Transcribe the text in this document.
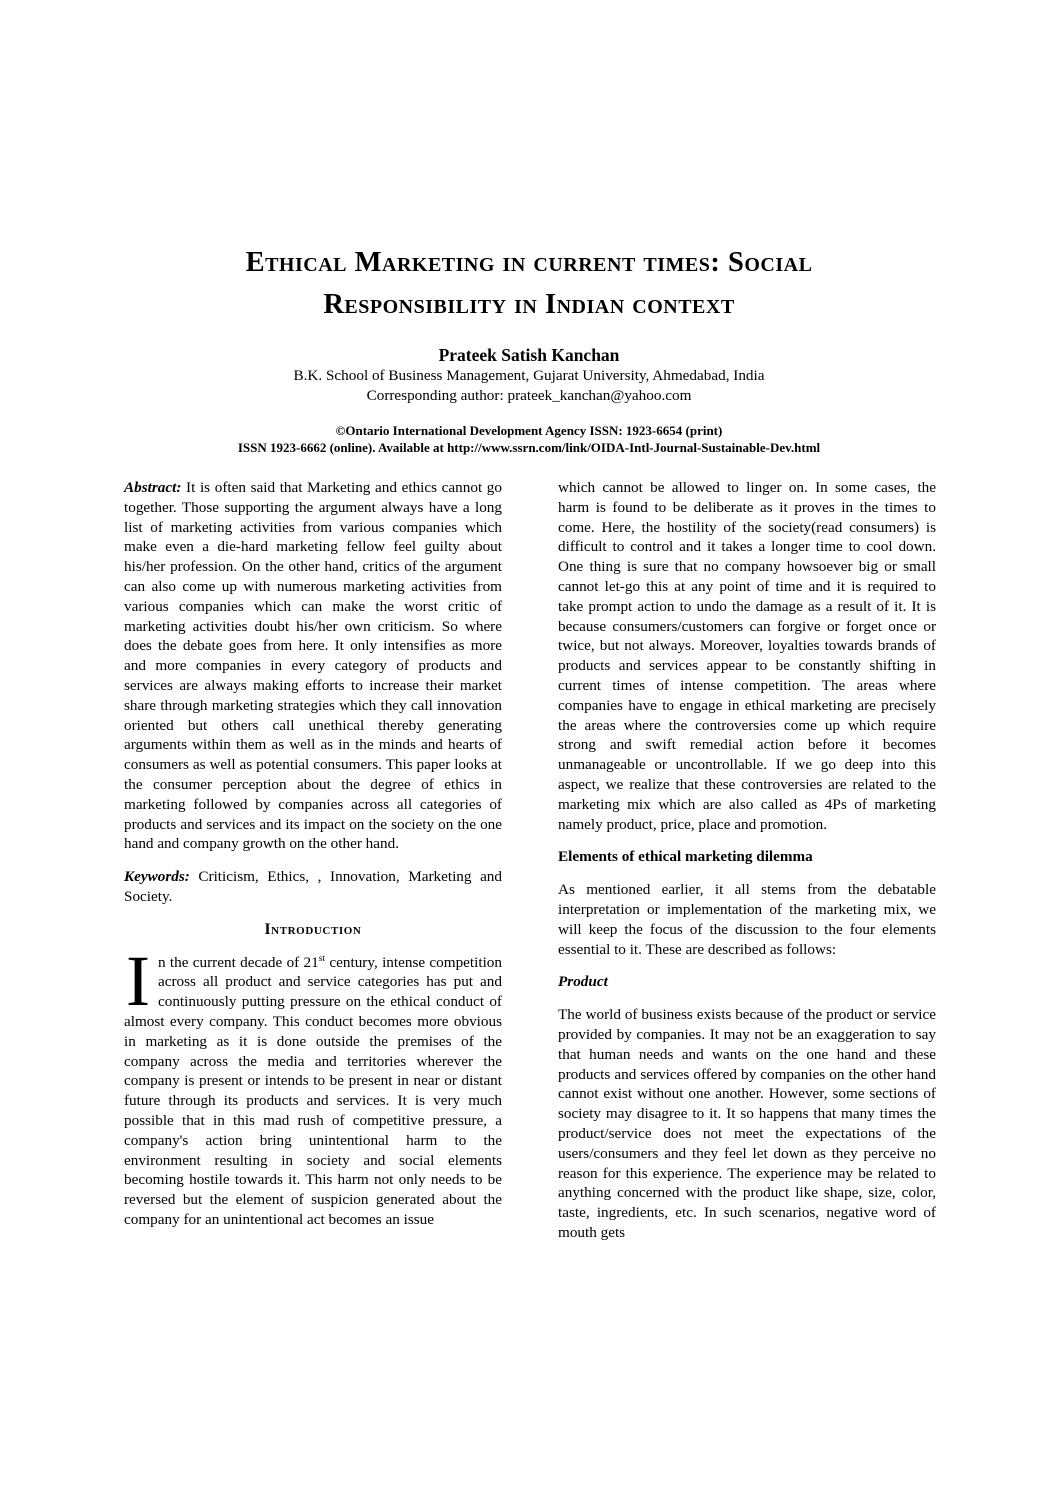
Ethical Marketing in current times: Social
Responsibility in Indian context
Prateek Satish Kanchan
B.K. School of Business Management, Gujarat University, Ahmedabad, India
Corresponding author: prateek_kanchan@yahoo.com
©Ontario International Development Agency ISSN: 1923-6654 (print)
ISSN 1923-6662 (online). Available at http://www.ssrn.com/link/OIDA-Intl-Journal-Sustainable-Dev.html

Abstract: It is often said that Marketing and ethics cannot go together. Those supporting the argument always have a long list of marketing activities from various companies which make even a die-hard marketing fellow feel guilty about his/her profession. On the other hand, critics of the argument can also come up with numerous marketing activities from various companies which can make the worst critic of marketing activities doubt his/her own criticism. So where does the debate goes from here. It only intensifies as more and more companies in every category of products and services are always making efforts to increase their market share through marketing strategies which they call innovation oriented but others call unethical thereby generating arguments within them as well as in the minds and hearts of consumers as well as potential consumers. This paper looks at the consumer perception about the degree of ethics in marketing followed by companies across all categories of products and services and its impact on the society on the one hand and company growth on the other hand.

Keywords: Criticism, Ethics, , Innovation, Marketing and Society.

Introduction

In the current decade of 21st century, intense competition across all product and service categories has put and continuously putting pressure on the ethical conduct of almost every company. This conduct becomes more obvious in marketing as it is done outside the premises of the company across the media and territories wherever the company is present or intends to be present in near or distant future through its products and services. It is very much possible that in this mad rush of competitive pressure, a company's action bring unintentional harm to the environment resulting in society and social elements becoming hostile towards it. This harm not only needs to be reversed but the element of suspicion generated about the company for an unintentional act becomes an issue

which cannot be allowed to linger on. In some cases, the harm is found to be deliberate as it proves in the times to come. Here, the hostility of the society(read consumers) is difficult to control and it takes a longer time to cool down. One thing is sure that no company howsoever big or small cannot let-go this at any point of time and it is required to take prompt action to undo the damage as a result of it. It is because consumers/customers can forgive or forget once or twice, but not always. Moreover, loyalties towards brands of products and services appear to be constantly shifting in current times of intense competition. The areas where companies have to engage in ethical marketing are precisely the areas where the controversies come up which require strong and swift remedial action before it becomes unmanageable or uncontrollable. If we go deep into this aspect, we realize that these controversies are related to the marketing mix which are also called as 4Ps of marketing namely product, price, place and promotion.

Elements of ethical marketing dilemma

As mentioned earlier, it all stems from the debatable interpretation or implementation of the marketing mix, we will keep the focus of the discussion to the four elements essential to it. These are described as follows:

Product

The world of business exists because of the product or service provided by companies. It may not be an exaggeration to say that human needs and wants on the one hand and these products and services offered by companies on the other hand cannot exist without one another. However, some sections of society may disagree to it. It so happens that many times the product/service does not meet the expectations of the users/consumers and they feel let down as they perceive no reason for this experience. The experience may be related to anything concerned with the product like shape, size, color, taste, ingredients, etc. In such scenarios, negative word of mouth gets
